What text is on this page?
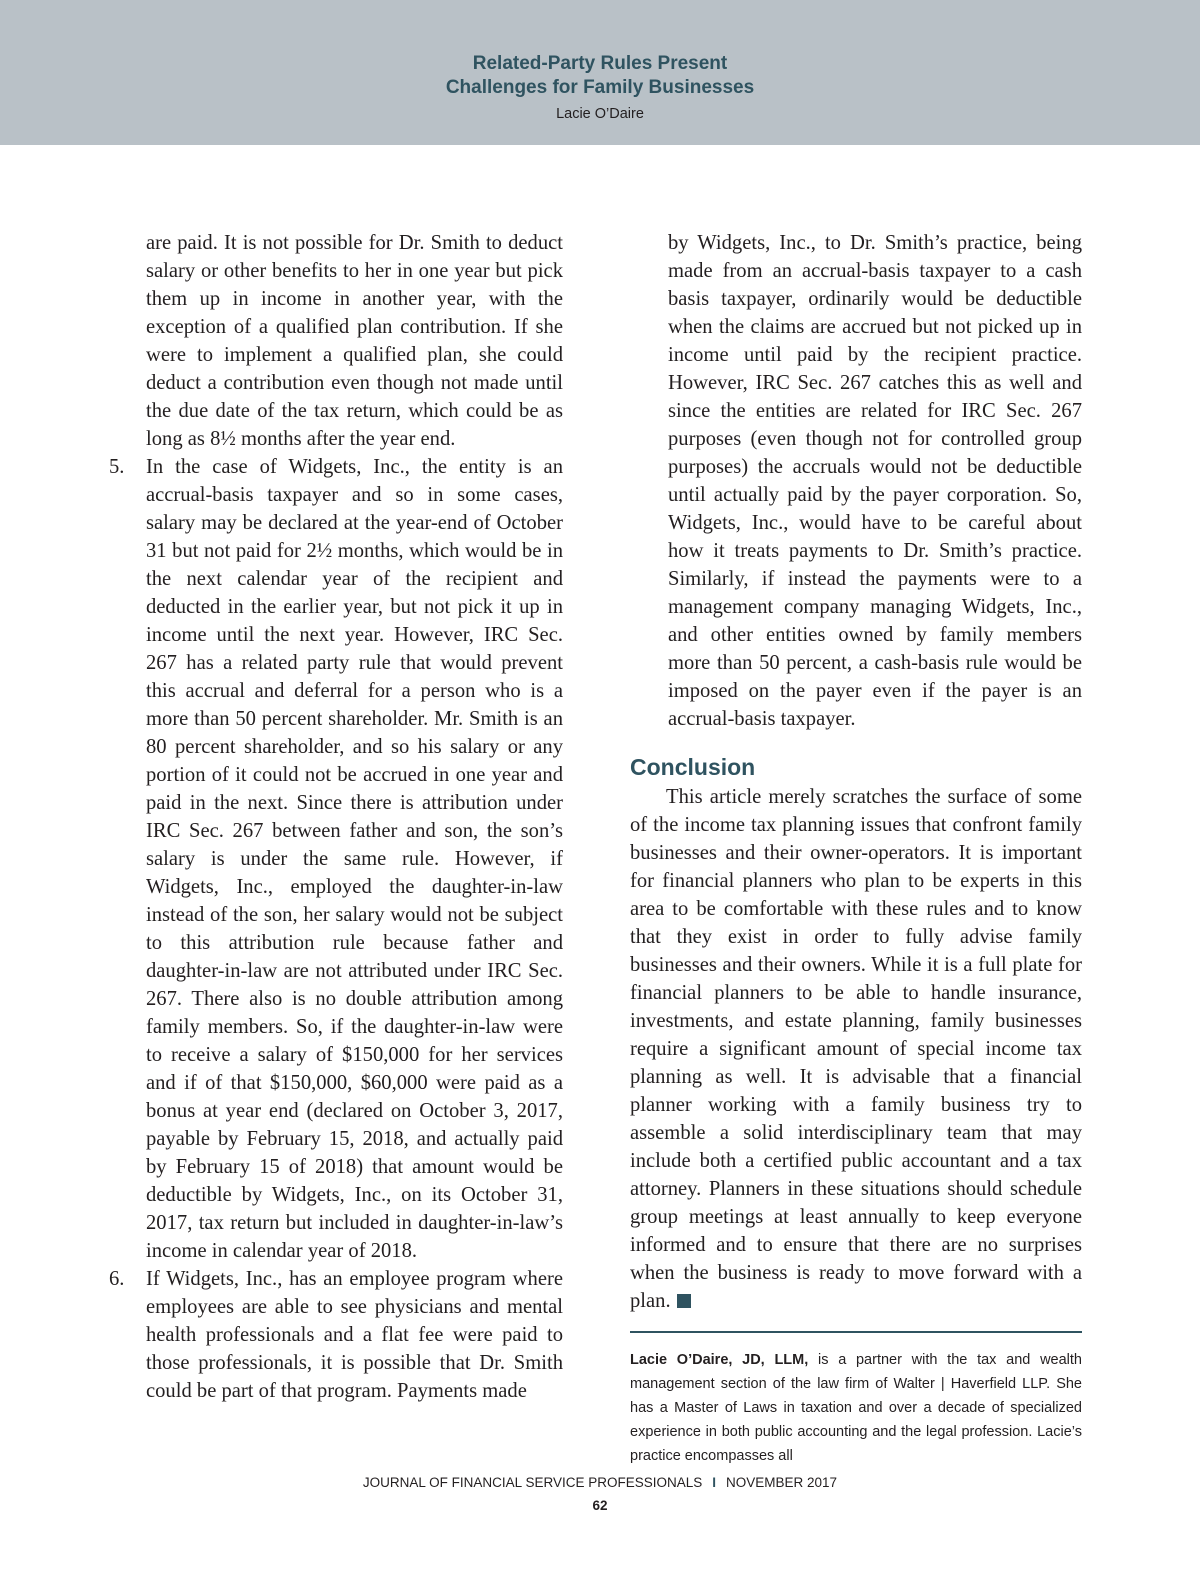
Related-Party Rules Present
Challenges for Family Businesses
Lacie O’Daire

are paid. It is not possible for Dr. Smith to deduct salary or other benefits to her in one year but pick them up in income in another year, with the exception of a qualified plan contribution. If she were to implement a qualified plan, she could deduct a contribution even though not made until the due date of the tax return, which could be as long as 8½ months after the year end.

5. In the case of Widgets, Inc., the entity is an accrual-basis taxpayer and so in some cases, salary may be declared at the year-end of October 31 but not paid for 2½ months, which would be in the next calendar year of the recipient and deducted in the earlier year, but not pick it up in income until the next year. However, IRC Sec. 267 has a related party rule that would prevent this accrual and deferral for a person who is a more than 50 percent shareholder. Mr. Smith is an 80 percent shareholder, and so his salary or any portion of it could not be accrued in one year and paid in the next. Since there is attribution under IRC Sec. 267 between father and son, the son’s salary is under the same rule. However, if Widgets, Inc., employed the daughter-in-law instead of the son, her salary would not be subject to this attribution rule because father and daughter-in-law are not attributed under IRC Sec. 267. There also is no double attribution among family members. So, if the daughter-in-law were to receive a salary of $150,000 for her services and if of that $150,000, $60,000 were paid as a bonus at year end (declared on October 3, 2017, payable by February 15, 2018, and actually paid by February 15 of 2018) that amount would be deductible by Widgets, Inc., on its October 31, 2017, tax return but included in daughter-in-law’s income in calendar year of 2018.
6. If Widgets, Inc., has an employee program where employees are able to see physicians and mental health professionals and a flat fee were paid to those professionals, it is possible that Dr. Smith could be part of that program. Payments made

by Widgets, Inc., to Dr. Smith’s practice, being made from an accrual-basis taxpayer to a cash basis taxpayer, ordinarily would be deductible when the claims are accrued but not picked up in income until paid by the recipient practice. However, IRC Sec. 267 catches this as well and since the entities are related for IRC Sec. 267 purposes (even though not for controlled group purposes) the accruals would not be deductible until actually paid by the payer corporation. So, Widgets, Inc., would have to be careful about how it treats payments to Dr. Smith’s practice. Similarly, if instead the payments were to a management company managing Widgets, Inc., and other entities owned by family members more than 50 percent, a cash-basis rule would be imposed on the payer even if the payer is an accrual-basis taxpayer.

Conclusion

This article merely scratches the surface of some of the income tax planning issues that confront family businesses and their owner-operators. It is important for financial planners who plan to be experts in this area to be comfortable with these rules and to know that they exist in order to fully advise family businesses and their owners. While it is a full plate for financial planners to be able to handle insurance, investments, and estate planning, family businesses require a significant amount of special income tax planning as well. It is advisable that a financial planner working with a family business try to assemble a solid interdisciplinary team that may include both a certified public accountant and a tax attorney. Planners in these situations should schedule group meetings at least annually to keep everyone informed and to ensure that there are no surprises when the business is ready to move forward with a plan.

Lacie O’Daire, JD, LLM, is a partner with the tax and wealth management section of the law firm of Walter | Haverfield LLP. She has a Master of Laws in taxation and over a decade of specialized experience in both public accounting and the legal profession. Lacie’s practice encompasses all

JOURNAL OF FINANCIAL SERVICE PROFESSIONALS I NOVEMBER 2017
62
